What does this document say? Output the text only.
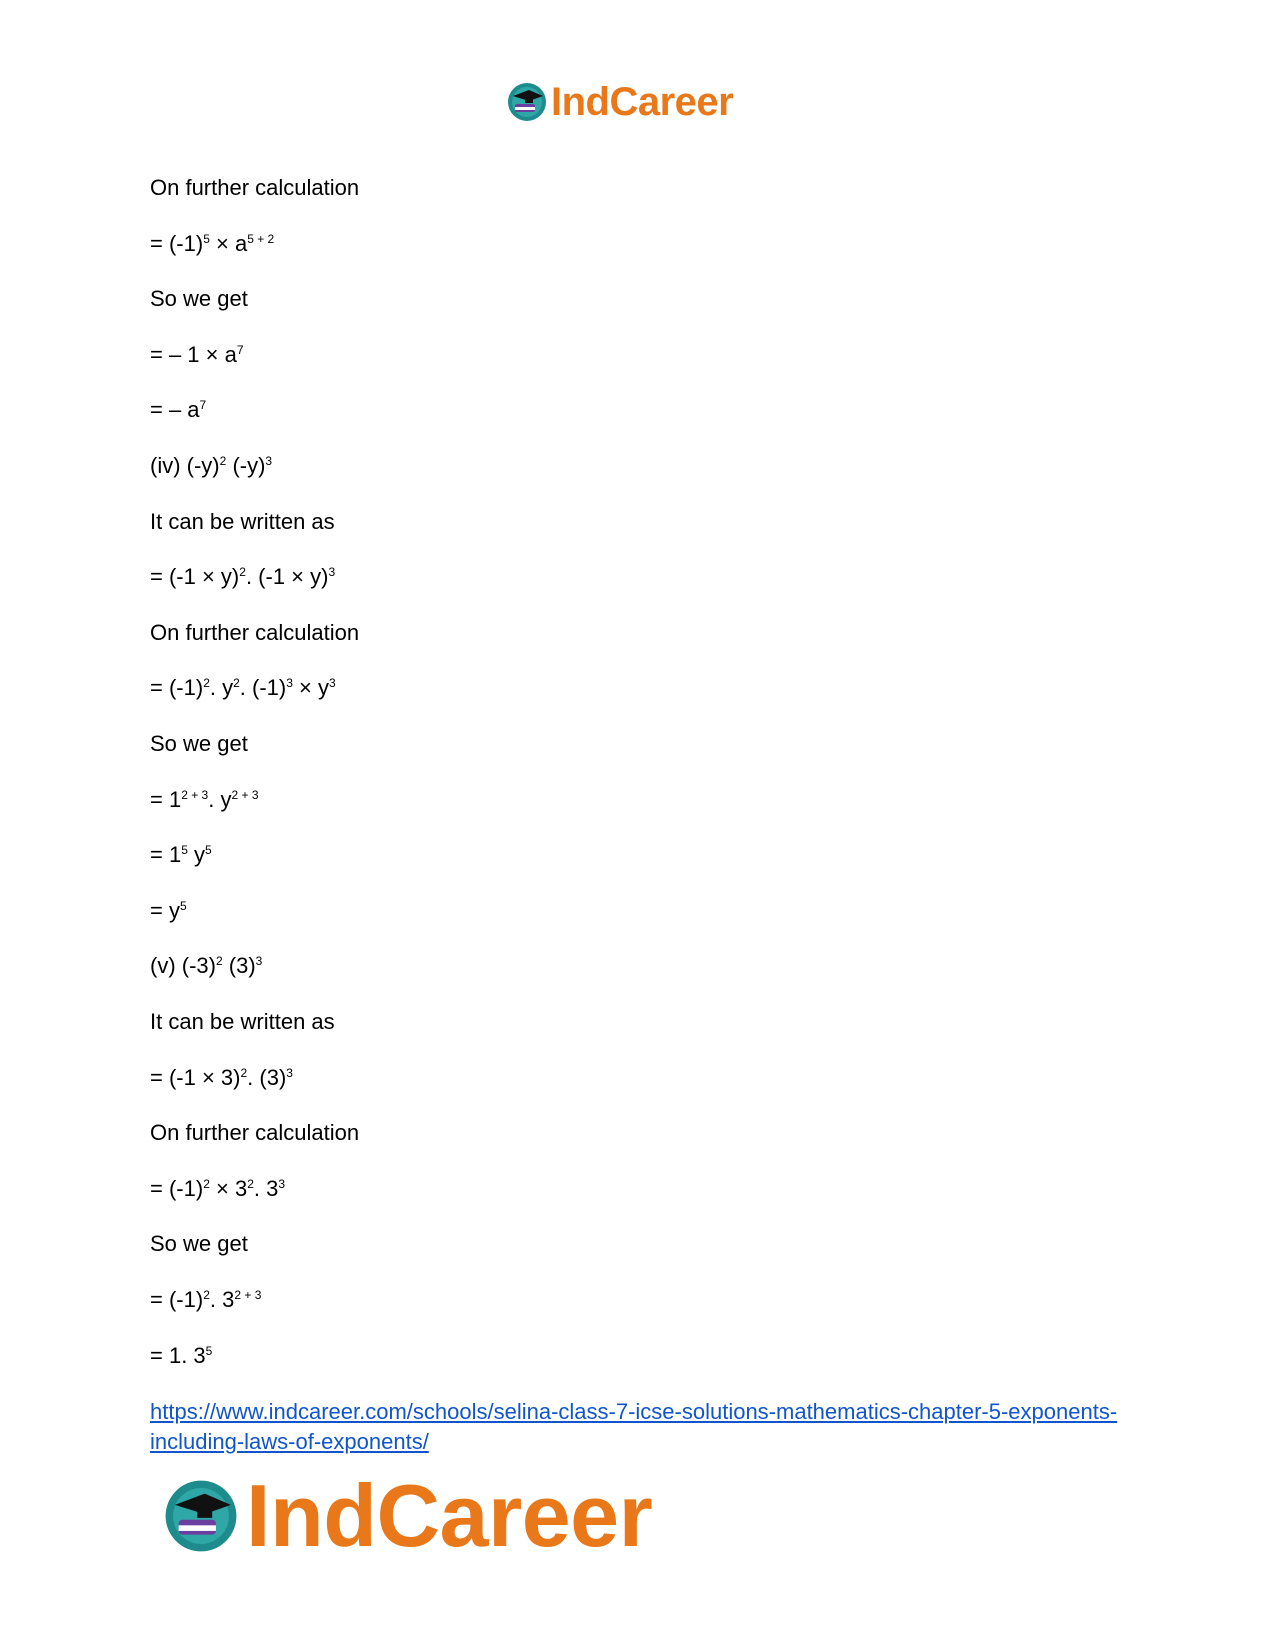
IndCareer
On further calculation
= $(-1)^5 \times a^{5 + 2}$
So we get
= – $1 \times a^7$
= – $a^7$
(iv) $(-y)^2$ $(-y)^3$
It can be written as
= $(-1 \times y)^2$. $(-1 \times y)^3$
On further calculation
= $(-1)^2$. $y^2$. $(-1)^3 \times y^3$
So we get
= $1^{2 + 3}$. $y^{2 + 3}$
= $1^5$ $y^5$
= $y^5$
(v) $(-3)^2$ $(3)^3$
It can be written as
= $(-1 \times 3)^2$. $(3)^3$
On further calculation
= $(-1)^2 \times 3^2$. $3^3$
So we get
= $(-1)^2$. $3^{2 + 3}$
= 1. $3^5$
https://www.indcareer.com/schools/selina-class-7-icse-solutions-mathematics-chapter-5-exponents-including-laws-of-exponents/
IndCareer
